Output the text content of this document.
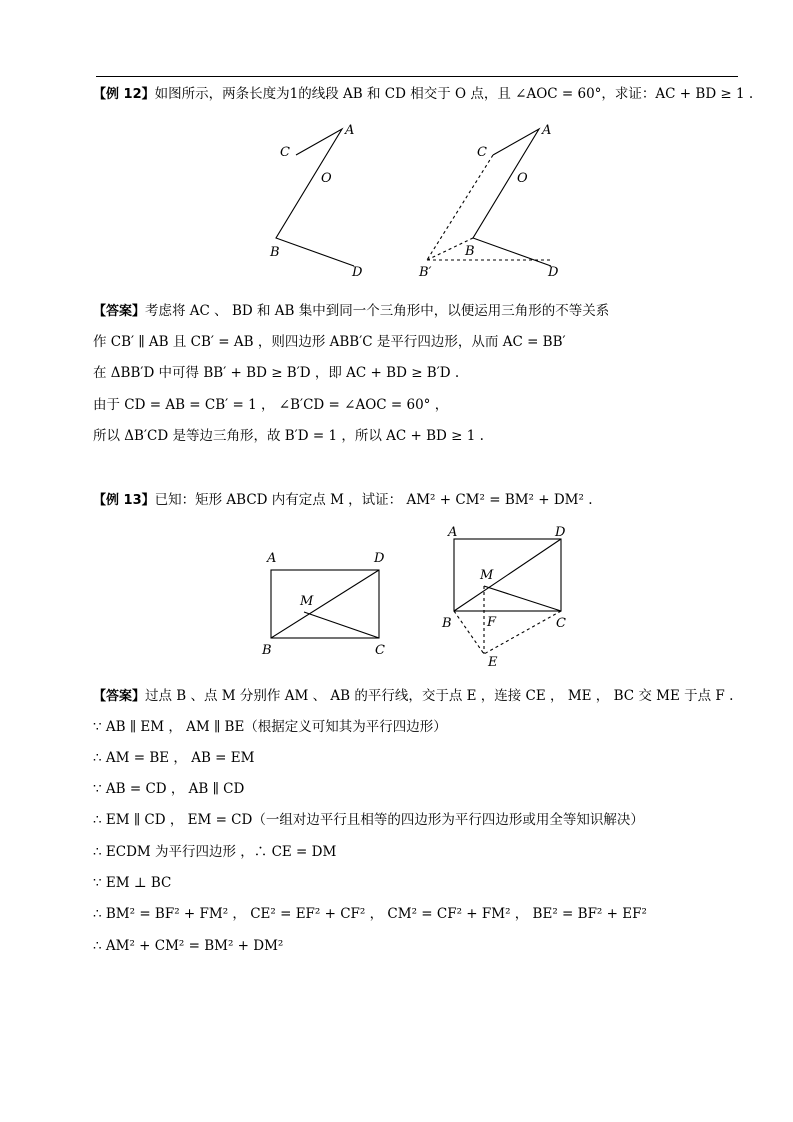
【例 12】如图所示，两条长度为1的线段 AB 和 CD 相交于 O 点，且 ∠AOC = 60°，求证：AC + BD ≥ 1 .
A
C
O
B
D
A
C
O
B
B′	D
【答案】考虑将 AC 、 BD 和 AB 集中到同一个三角形中，以便运用三角形的不等关系
作 CB′ ∥ AB 且 CB′ = AB ，则四边形 ABB′C 是平行四边形，从而 AC = BB′
在 ΔBB′D 中可得 BB′ + BD ≥ B′D ，即 AC + BD ≥ B′D .
由于 CD = AB = CB′ = 1 ， ∠B′CD = ∠AOC = 60° ，
所以 ΔB′CD 是等边三角形，故 B′D = 1 ，所以 AC + BD ≥ 1 .
【例 13】已知：矩形 ABCD 内有定点 M ，试证： AM² + CM² = BM² + DM² .
A	D
M
B	C
A	D
M
B	F	C
E
【答案】过点 B 、点 M 分别作 AM 、 AB 的平行线，交于点 E ，连接 CE ， ME ， BC 交 ME 于点 F .
∵ AB ∥ EM ， AM ∥ BE（根据定义可知其为平行四边形）
∴ AM = BE ， AB = EM
∵ AB = CD ， AB ∥ CD
∴ EM ∥ CD ， EM = CD（一组对边平行且相等的四边形为平行四边形或用全等知识解决）
∴ ECDM 为平行四边形 ，∴ CE = DM
∵ EM ⊥ BC
∴ BM² = BF² + FM² ， CE² = EF² + CF² ， CM² = CF² + FM² ， BE² = BF² + EF²
∴ AM² + CM² = BM² + DM²
